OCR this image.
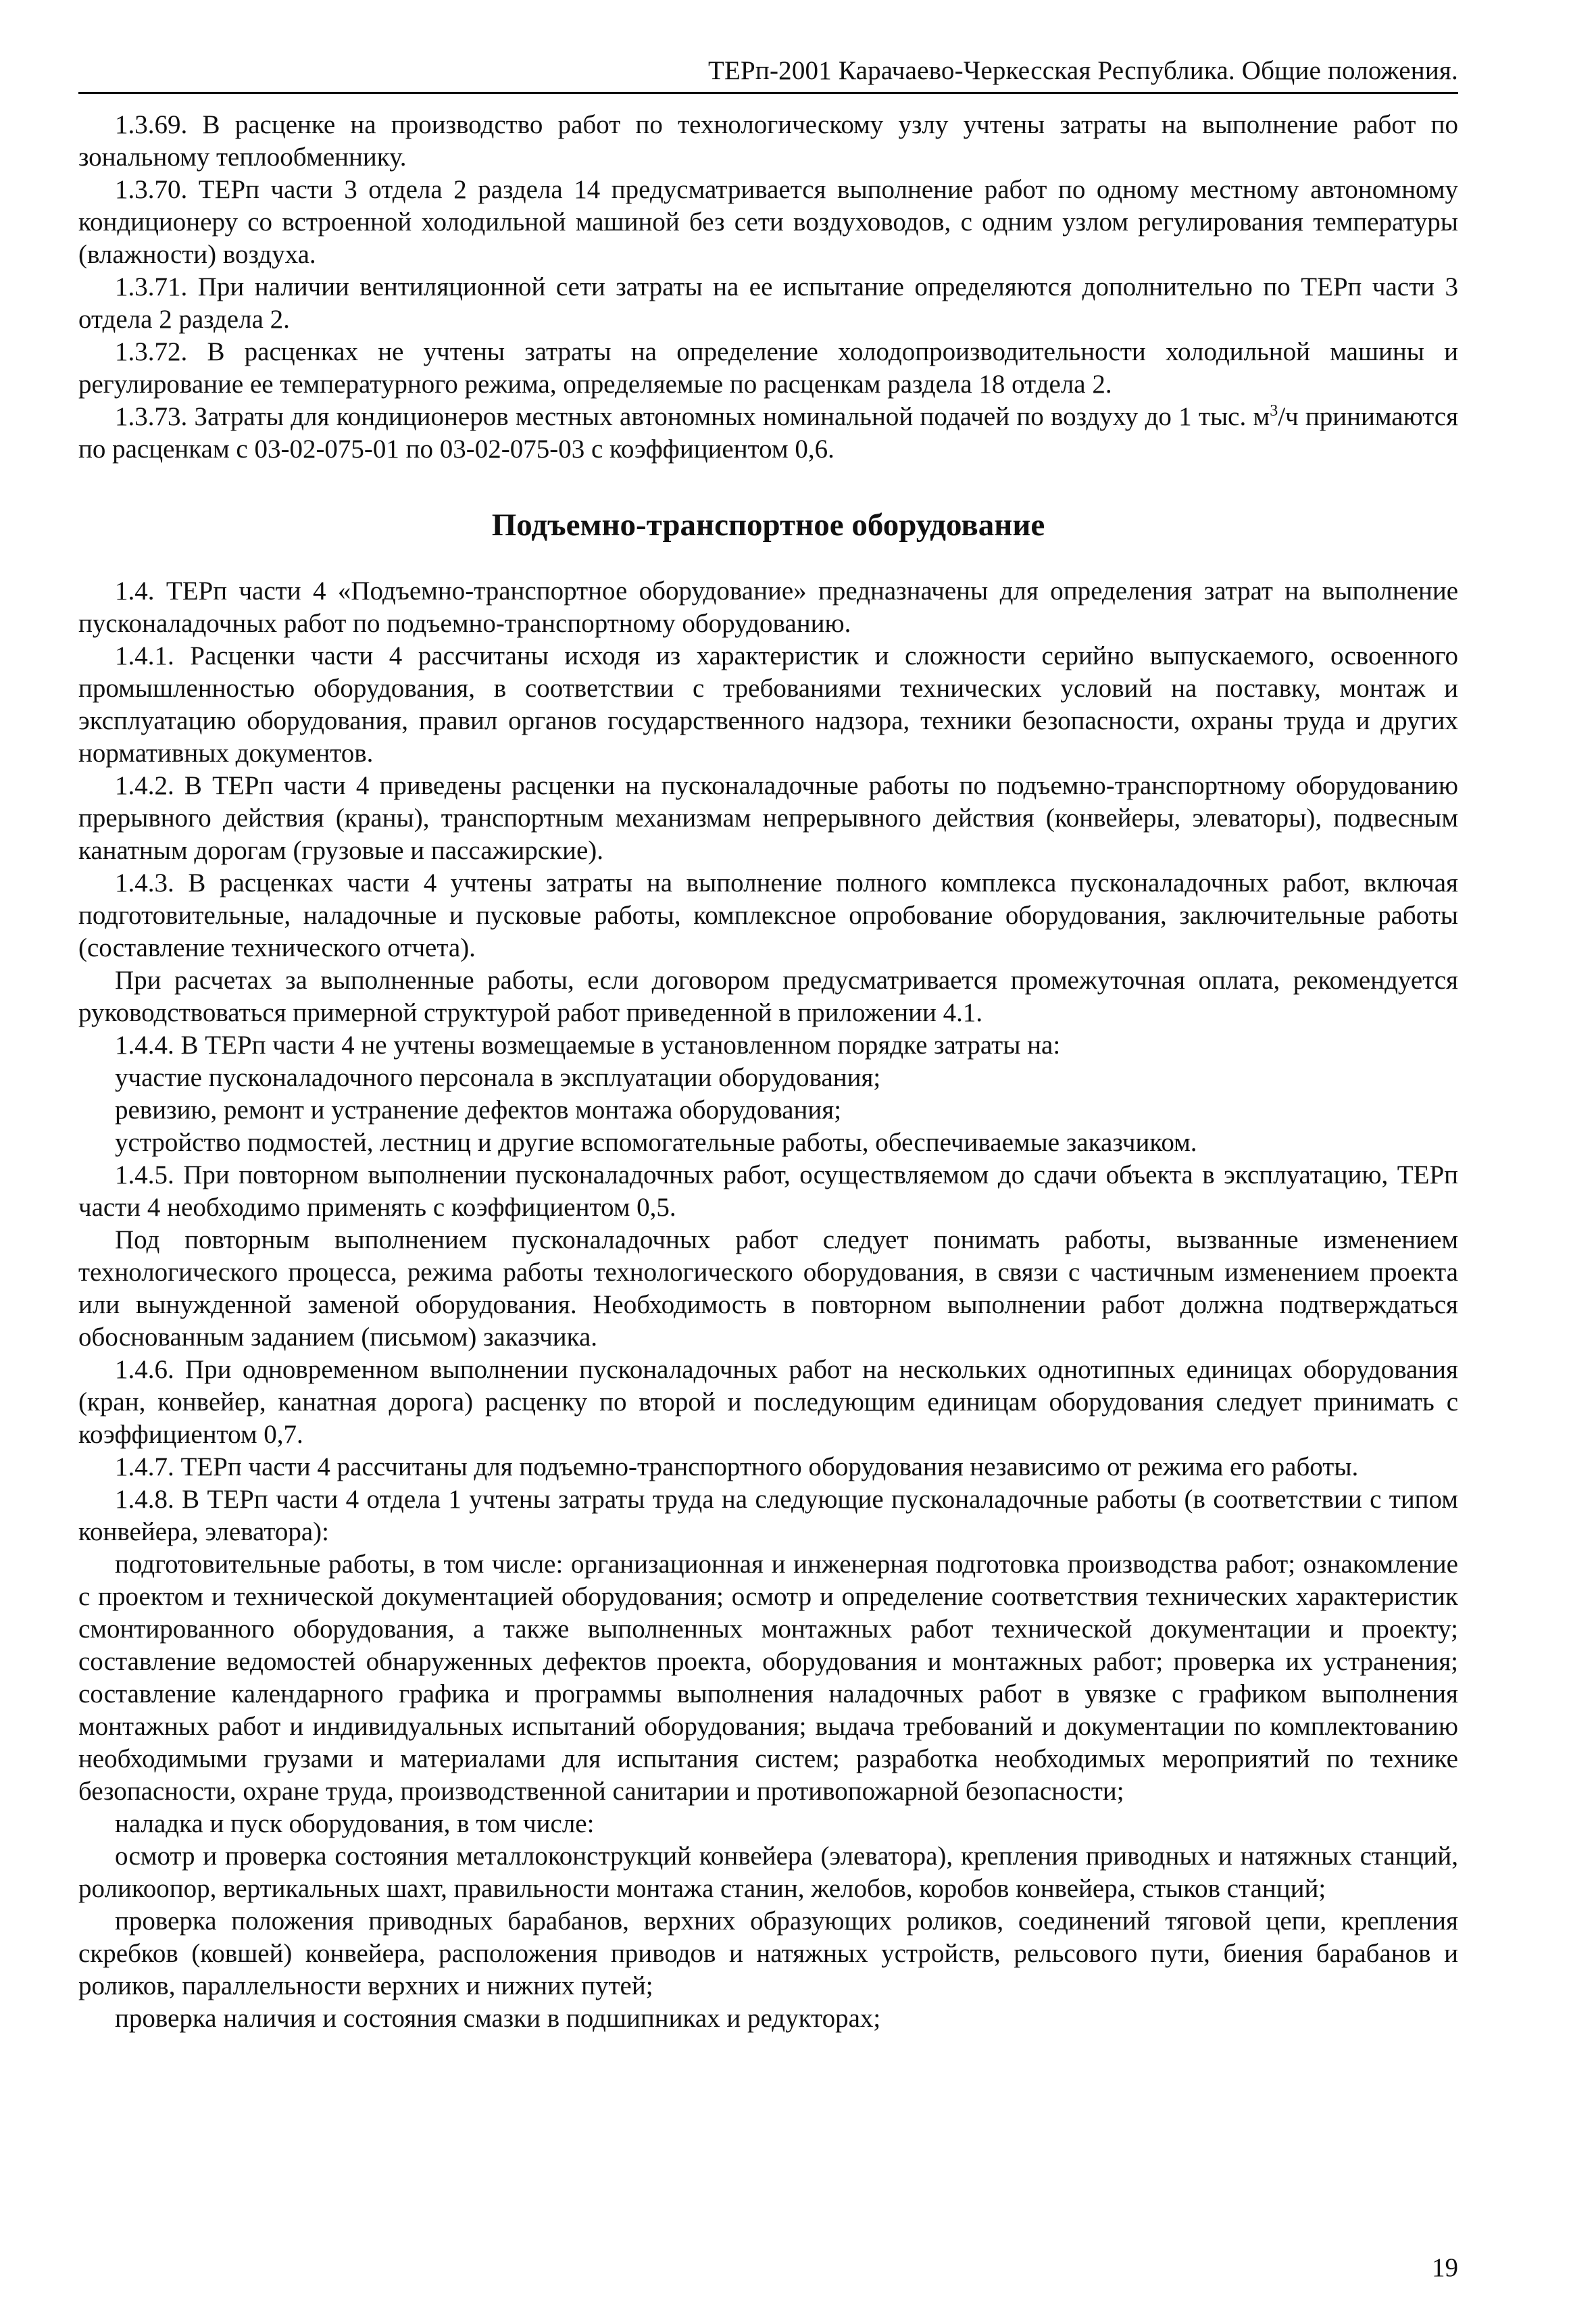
ТЕРп-2001 Карачаево-Черкесская Республика. Общие положения.

1.3.69. В расценке на производство работ по технологическому узлу учтены затраты на выполнение работ по зональному теплообменнику.

1.3.70. ТЕРп части 3 отдела 2 раздела 14 предусматривается выполнение работ по одному местному автономному кондиционеру со встроенной холодильной машиной без сети воздуховодов, с одним узлом регулирования температуры (влажности) воздуха.

1.3.71. При наличии вентиляционной сети затраты на ее испытание определяются дополнительно по ТЕРп части 3 отдела 2 раздела 2.

1.3.72. В расценках не учтены затраты на определение холодопроизводительности холодильной машины и регулирование ее температурного режима, определяемые по расценкам раздела 18 отдела 2.

1.3.73. Затраты для кондиционеров местных автономных номинальной подачей по воздуху до 1 тыс. $м^3/ч$ принимаются по расценкам с 03-02-075-01 по 03-02-075-03 с коэффициентом 0,6.

Подъемно-транспортное оборудование

1.4. ТЕРп части 4 «Подъемно-транспортное оборудование» предназначены для определения затрат на выполнение пусконаладочных работ по подъемно-транспортному оборудованию.

1.4.1. Расценки части 4 рассчитаны исходя из характеристик и сложности серийно выпускаемого, освоенного промышленностью оборудования, в соответствии с требованиями технических условий на поставку, монтаж и эксплуатацию оборудования, правил органов государственного надзора, техники безопасности, охраны труда и других нормативных документов.

1.4.2. В ТЕРп части 4 приведены расценки на пусконаладочные работы по подъемно-транспортному оборудованию прерывного действия (краны), транспортным механизмам непрерывного действия (конвейеры, элеваторы), подвесным канатным дорогам (грузовые и пассажирские).

1.4.3. В расценках части 4 учтены затраты на выполнение полного комплекса пусконаладочных работ, включая подготовительные, наладочные и пусковые работы, комплексное опробование оборудования, заключительные работы (составление технического отчета).

При расчетах за выполненные работы, если договором предусматривается промежуточная оплата, рекомендуется руководствоваться примерной структурой работ приведенной в приложении 4.1.

1.4.4. В ТЕРп части 4 не учтены возмещаемые в установленном порядке затраты на:

участие пусконаладочного персонала в эксплуатации оборудования;

ревизию, ремонт и устранение дефектов монтажа оборудования;

устройство подмостей, лестниц и другие вспомогательные работы, обеспечиваемые заказчиком.

1.4.5. При повторном выполнении пусконаладочных работ, осуществляемом до сдачи объекта в эксплуатацию, ТЕРп части 4 необходимо применять с коэффициентом 0,5.

Под повторным выполнением пусконаладочных работ следует понимать работы, вызванные изменением технологического процесса, режима работы технологического оборудования, в связи с частичным изменением проекта или вынужденной заменой оборудования. Необходимость в повторном выполнении работ должна подтверждаться обоснованным заданием (письмом) заказчика.

1.4.6. При одновременном выполнении пусконаладочных работ на нескольких однотипных единицах оборудования (кран, конвейер, канатная дорога) расценку по второй и последующим единицам оборудования следует принимать с коэффициентом 0,7.

1.4.7. ТЕРп части 4 рассчитаны для подъемно-транспортного оборудования независимо от режима его работы.

1.4.8. В ТЕРп части 4 отдела 1 учтены затраты труда на следующие пусконаладочные работы (в соответствии с типом конвейера, элеватора):

подготовительные работы, в том числе: организационная и инженерная подготовка производства работ; ознакомление с проектом и технической документацией оборудования; осмотр и определение соответствия технических характеристик смонтированного оборудования, а также выполненных монтажных работ технической документации и проекту; составление ведомостей обнаруженных дефектов проекта, оборудования и монтажных работ; проверка их устранения; составление календарного графика и программы выполнения наладочных работ в увязке с графиком выполнения монтажных работ и индивидуальных испытаний оборудования; выдача требований и документации по комплектованию необходимыми грузами и материалами для испытания систем; разработка необходимых мероприятий по технике безопасности, охране труда, производственной санитарии и противопожарной безопасности;

наладка и пуск оборудования, в том числе:

осмотр и проверка состояния металлоконструкций конвейера (элеватора), крепления приводных и натяжных станций, роликоопор, вертикальных шахт, правильности монтажа станин, желобов, коробов конвейера, стыков станций;

проверка положения приводных барабанов, верхних образующих роликов, соединений тяговой цепи, крепления скребков (ковшей) конвейера, расположения приводов и натяжных устройств, рельсового пути, биения барабанов и роликов, параллельности верхних и нижних путей;

проверка наличия и состояния смазки в подшипниках и редукторах;

19
